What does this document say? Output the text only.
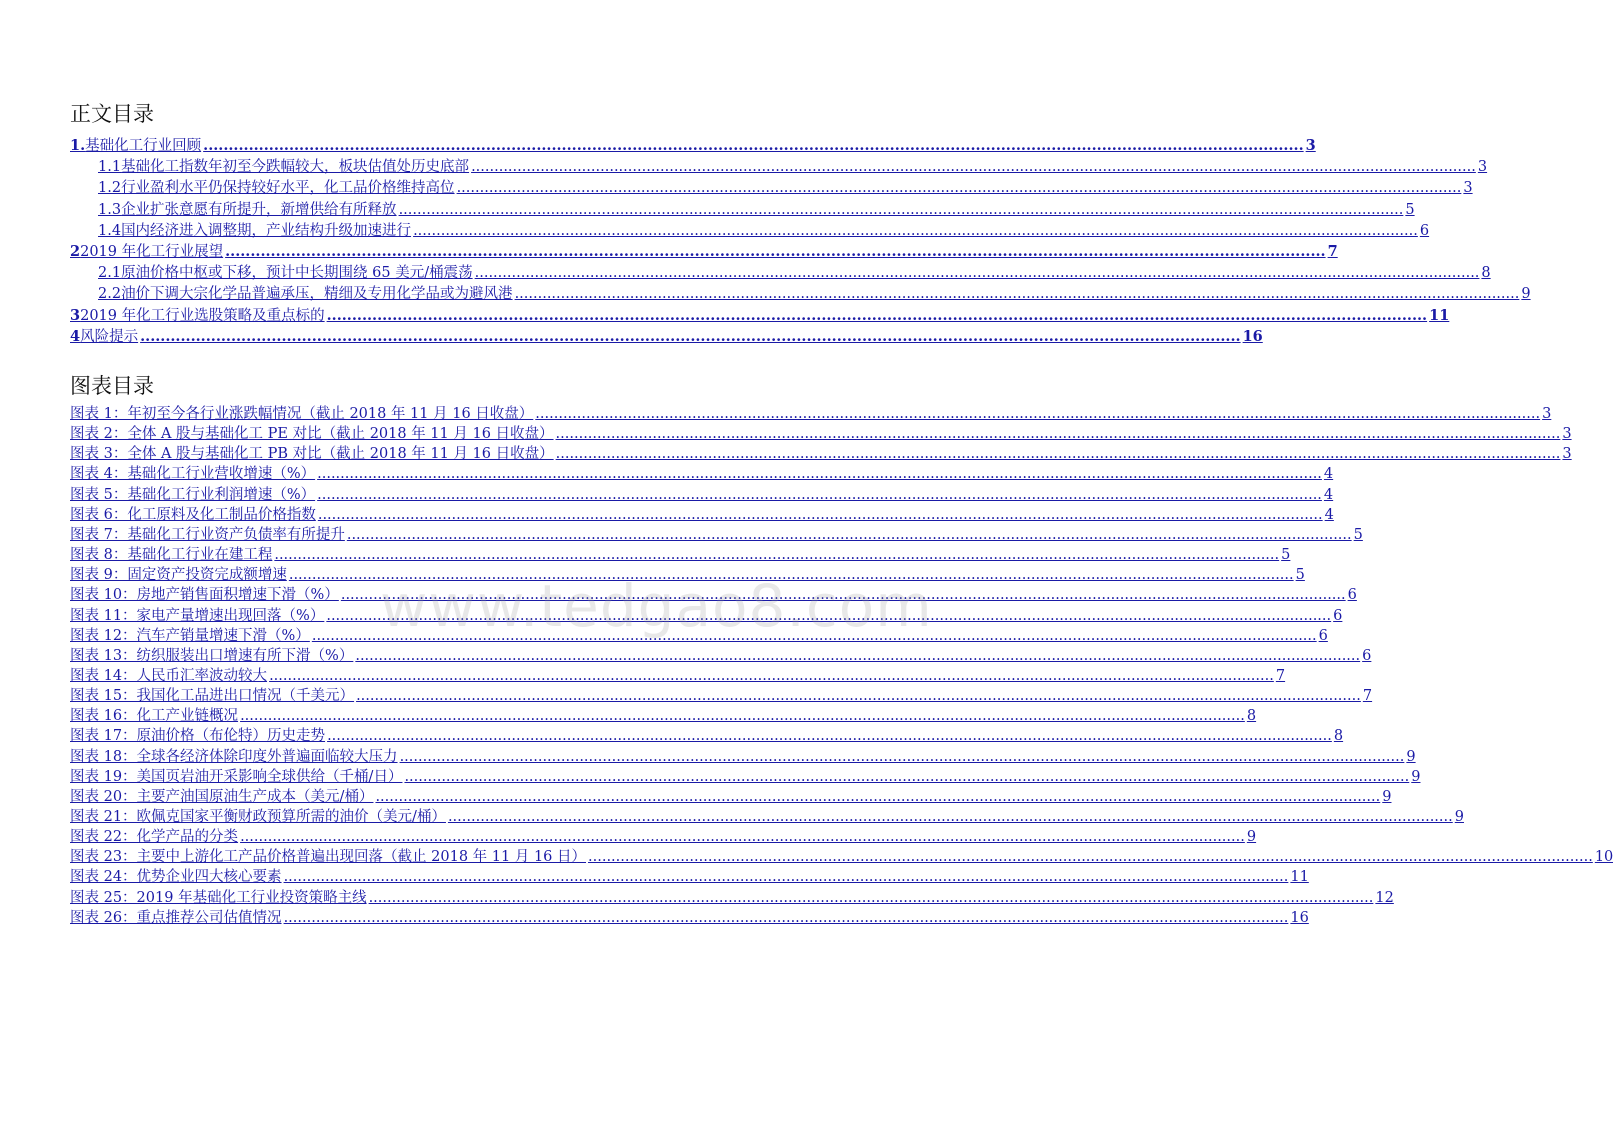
正文目录
1. 基础化工行业回顾 .....	3
1.1 基础化工指数年初至今跌幅较大，板块估值处历史底部 .....	3
1.2 行业盈利水平仍保持较好水平，化工品价格维持高位 .....	3
1.3 企业扩张意愿有所提升，新增供给有所释放 .....	5
1.4 国内经济进入调整期，产业结构升级加速进行 .....	6
2 2019 年化工行业展望 .....	7
2.1 原油价格中枢或下移，预计中长期围绕 65 美元/桶震荡 .....	8
2.2 油价下调大宗化学品普遍承压，精细及专用化学品或为避风港 .....	9
3 2019 年化工行业选股策略及重点标的 .....	11
4 风险提示 .....	16
图表目录
图表 1：年初至今各行业涨跌幅情况（截止 2018 年 11 月 16 日收盘） .....	3
图表 2：全体 A 股与基础化工 PE 对比（截止 2018 年 11 月 16 日收盘） .....	3
图表 3：全体 A 股与基础化工 PB 对比（截止 2018 年 11 月 16 日收盘） .....	3
图表 4：基础化工行业营收增速（%） .....	4
图表 5：基础化工行业利润增速（%） .....	4
图表 6：化工原料及化工制品价格指数 .....	4
图表 7：基础化工行业资产负债率有所提升 .....	5
图表 8：基础化工行业在建工程 .....	5
图表 9：固定资产投资完成额增速 .....	5
图表 10：房地产销售面积增速下滑（%） .....	6
图表 11：家电产量增速出现回落（%） .....	6
图表 12：汽车产销量增速下滑（%） .....	6
图表 13：纺织服装出口增速有所下滑（%） .....	6
图表 14：人民币汇率波动较大 .....	7
图表 15：我国化工品进出口情况（千美元） .....	7
图表 16：化工产业链概况 .....	8
图表 17：原油价格（布伦特）历史走势 .....	8
图表 18：全球各经济体除印度外普遍面临较大压力 .....	9
图表 19：美国页岩油开采影响全球供给（千桶/日） .....	9
图表 20：主要产油国原油生产成本（美元/桶） .....	9
图表 21：欧佩克国家平衡财政预算所需的油价（美元/桶） .....	9
图表 22：化学产品的分类 .....	9
图表 23：主要中上游化工产品价格普遍出现回落（截止 2018 年 11 月 16 日） .....	10
图表 24：优势企业四大核心要素 .....	11
图表 25：2019 年基础化工行业投资策略主线 .....	12
图表 26：重点推荐公司估值情况 .....	16
www.tedgao8.com
